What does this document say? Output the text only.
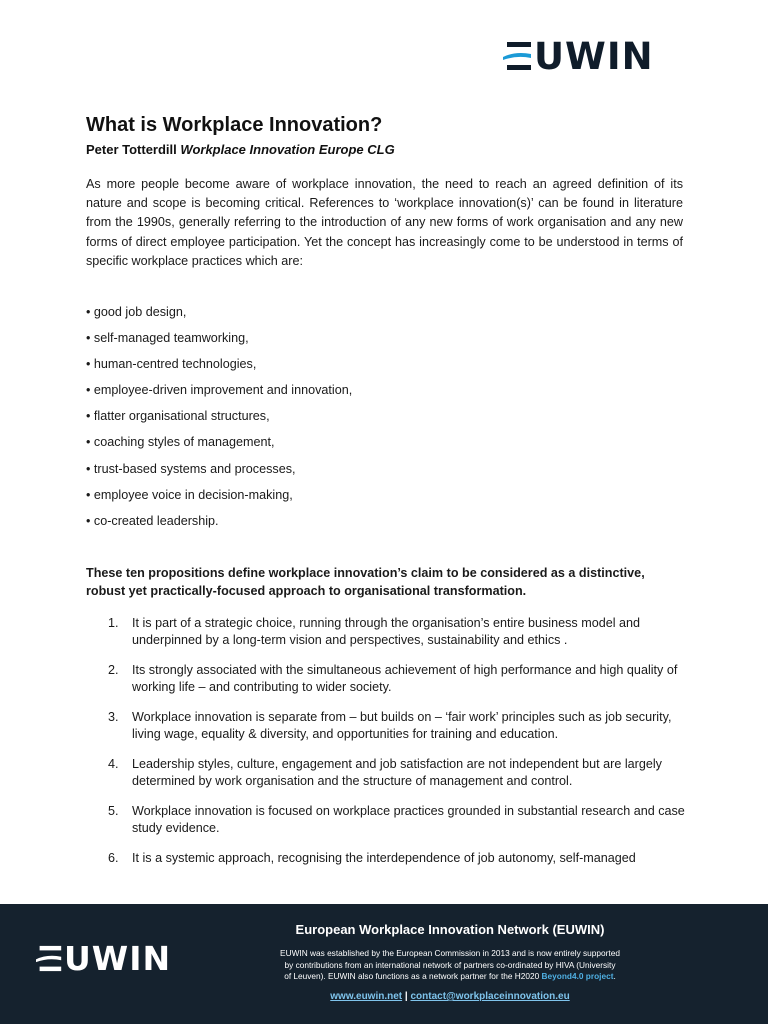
UWIN
What is Workplace Innovation?

Peter Totterdill Workplace Innovation Europe CLG

As more people become aware of workplace innovation, the need to reach an agreed definition of its nature and scope is becoming critical. References to ‘workplace innovation(s)’ can be found in literature from the 1990s, generally referring to the introduction of any new forms of work organisation and any new forms of direct employee participation. Yet the concept has increasingly come to be understood in terms of specific workplace practices which are:

• good job design,
• self-managed teamworking,
• human-centred technologies,
• employee-driven improvement and innovation,
• flatter organisational structures,
• coaching styles of management,
• trust-based systems and processes,
• employee voice in decision-making,
• co-created leadership.

These ten propositions define workplace innovation’s claim to be considered as a distinctive, robust yet practically-focused approach to organisational transformation.

1.	It is part of a strategic choice, running through the organisation’s entire business model and underpinned by a long-term vision and perspectives, sustainability and ethics .
2.	Its strongly associated with the simultaneous achievement of high performance and high quality of working life – and contributing to wider society.
3.	Workplace innovation is separate from – but builds on – ‘fair work’ principles such as job security, living wage, equality & diversity, and opportunities for training and education.
4.	Leadership styles, culture, engagement and job satisfaction are not independent but are largely determined by work organisation and the structure of management and control.
5.	Workplace innovation is focused on workplace practices grounded in substantial research and case study evidence.
6.	It is a systemic approach, recognising the interdependence of job autonomy, self-managed
UWIN

European Workplace Innovation Network (EUWIN)

EUWIN was established by the European Commission in 2013 and is now entirely supported
by contributions from an international network of partners co-ordinated by HIVA (University
of Leuven). EUWIN also functions as a network partner for the H2020 Beyond4.0 project.

www.euwin.net | contact@workplaceinnovation.eu
